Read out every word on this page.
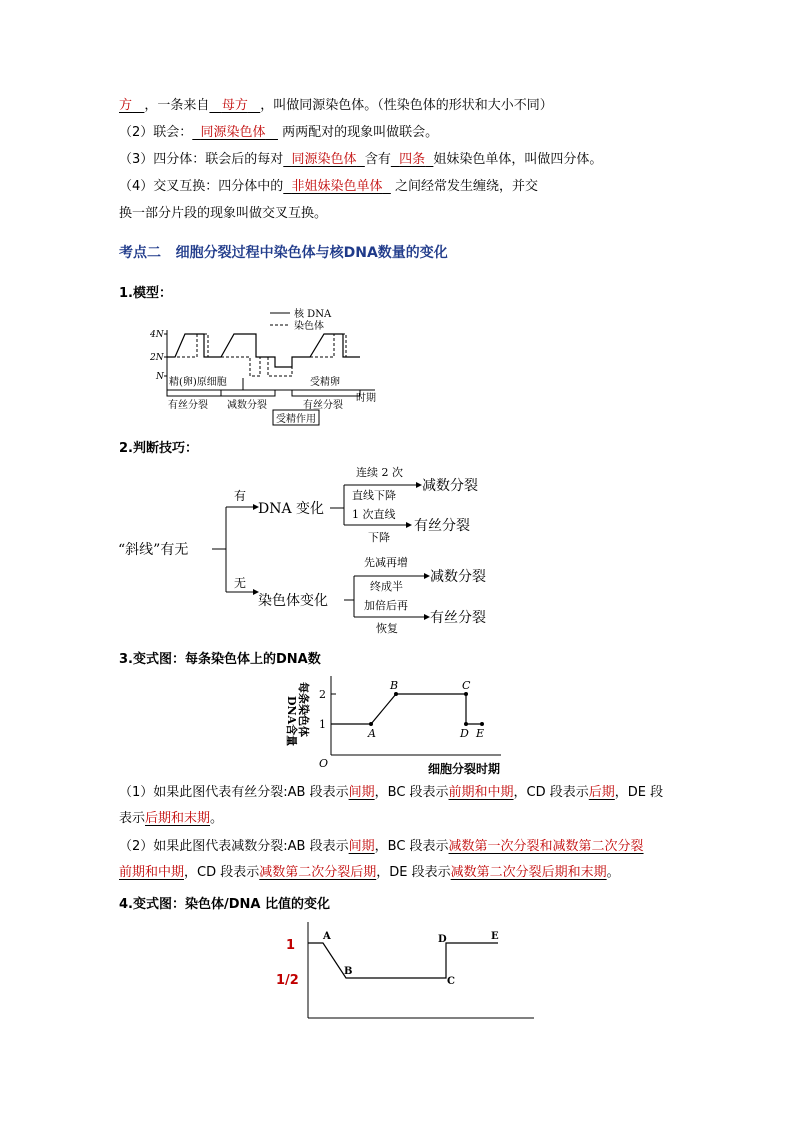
方 ，一条来自 母方 ，叫做同源染色体。（性染色体的形状和大小不同）
（2）联会： 同源染色体 两两配对的现象叫做联会。
（3）四分体：联会后的每对 同源染色体 含有 四条 姐妹染色单体，叫做四分体。
（4）交叉互换：四分体中的 非姐妹染色单体 之间经常发生缠绕，并交
换一部分片段的现象叫做交叉互换。
考点二 细胞分裂过程中染色体与核DNA数量的变化
1.模型：
核 DNA
染色体
4N
2N
N 精(卵)原细胞	受精卵
有丝分裂 减数分裂	有丝分裂
时期
受精作用
2.判断技巧：
“斜线”有无
有
无
DNA 变化
染色体变化
连续 2 次
直线下降
1 次直线
下降
减数分裂
有丝分裂
先减再增
终成半
加倍后再
恢复
减数分裂
有丝分裂
3.变式图：每条染色体上的DNA数
每条染色体
DNA含量
2
1
O
A
B	C
D E
细胞分裂时期
（1）如果此图代表有丝分裂:AB 段表示间期，BC 段表示前期和中期，CD 段表示后期，DE 段
表示后期和末期。
（2）如果此图代表减数分裂:AB 段表示间期，BC 段表示减数第一次分裂和减数第二次分裂
前期和中期，CD 段表示减数第二次分裂后期，DE 段表示减数第二次分裂后期和末期。
4.变式图：染色体/DNA 比值的变化
1
1/2
A
B
C
D	E
